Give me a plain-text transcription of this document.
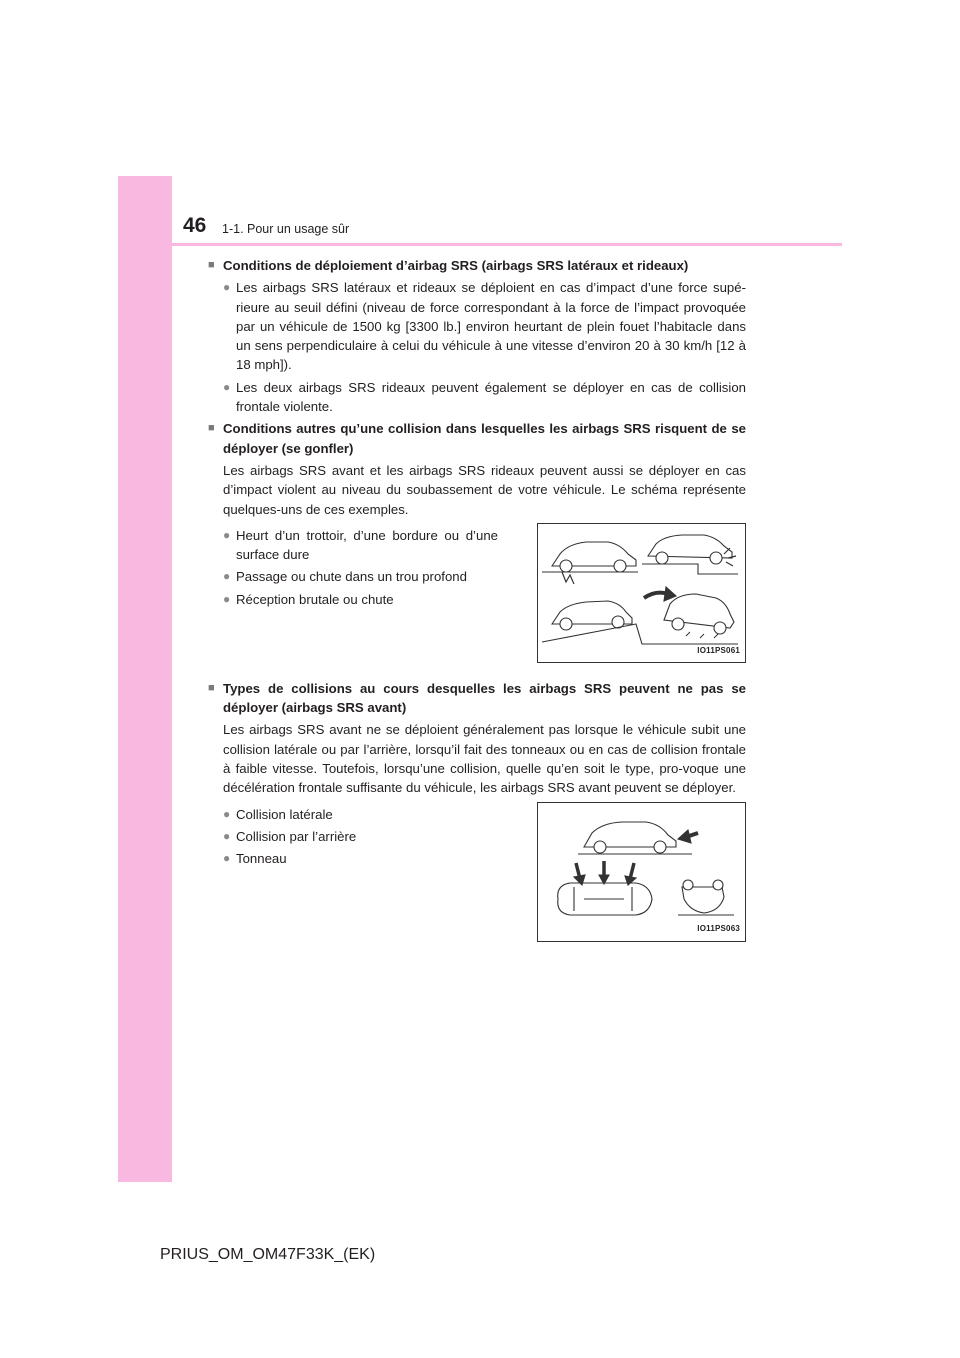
46 1-1. Pour un usage sûr
■ Conditions de déploiement d’airbag SRS (airbags SRS latéraux et rideaux)
● Les airbags SRS latéraux et rideaux se déploient en cas d’impact d’une force supé-rieure au seuil défini (niveau de force correspondant à la force de l’impact provoquée par un véhicule de 1500 kg [3300 lb.] environ heurtant de plein fouet l’habitacle dans un sens perpendiculaire à celui du véhicule à une vitesse d’environ 20 à 30 km/h [12 à 18 mph]).
● Les deux airbags SRS rideaux peuvent également se déployer en cas de collision frontale violente.
■ Conditions autres qu’une collision dans lesquelles les airbags SRS risquent de se déployer (se gonfler)
Les airbags SRS avant et les airbags SRS rideaux peuvent aussi se déployer en cas d’impact violent au niveau du soubassement de votre véhicule. Le schéma représente quelques-uns de ces exemples.
● Heurt d’un trottoir, d’une bordure ou d’une surface dure
● Passage ou chute dans un trou profond
● Réception brutale ou chute
IO11PS061
■ Types de collisions au cours desquelles les airbags SRS peuvent ne pas se déployer (airbags SRS avant)
Les airbags SRS avant ne se déploient généralement pas lorsque le véhicule subit une collision latérale ou par l’arrière, lorsqu’il fait des tonneaux ou en cas de collision frontale à faible vitesse. Toutefois, lorsqu’une collision, quelle qu’en soit le type, pro-voque une décélération frontale suffisante du véhicule, les airbags SRS avant peuvent se déployer.
● Collision latérale
● Collision par l’arrière
● Tonneau
IO11PS063
PRIUS_OM_OM47F33K_(EK)
